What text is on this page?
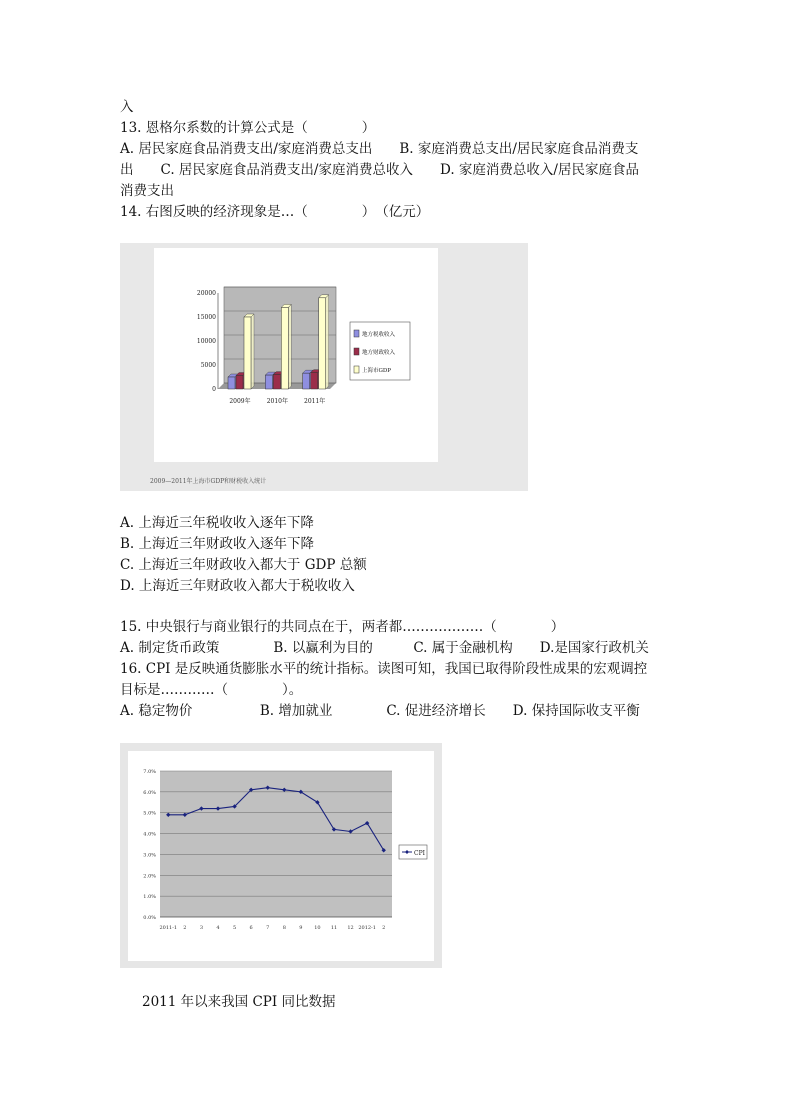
入
13. 恩格尔系数的计算公式是（　　　　）
A. 居民家庭食品消费支出/家庭消费总支出　　B. 家庭消费总支出/居民家庭食品消费支
出　　C. 居民家庭食品消费支出/家庭消费总收入　　D. 家庭消费总收入/居民家庭食品
消费支出
14. 右图反映的经济现象是…（　　　　）　（亿元）
0
5000
10000
15000
20000
2009年	2010年	2011年
地方税收收入
地方财政收入
上海市GDP
2009—2011年上海市GDP和财税收入统计
A. 上海近三年税收收入逐年下降
B. 上海近三年财政收入逐年下降
C. 上海近三年财政收入都大于 GDP 总额
D. 上海近三年财政收入都大于税收收入
15. 中央银行与商业银行的共同点在于，两者都………………（　　　　）
A. 制定货币政策　　　　B. 以赢利为目的　　　C. 属于金融机构　　D.是国家行政机关
16. CPI 是反映通货膨胀水平的统计指标。读图可知，我国已取得阶段性成果的宏观调控
目标是…………（　　　　）。
A. 稳定物价　　　　　B. 增加就业　　　　C. 促进经济增长　　D. 保持国际收支平衡
0.0%
1.0%
2.0%
3.0%
4.0%
5.0%
6.0%
7.0%
2011-1 2	3	4	5	6	7	8	9 10 11 12 2012-1 2
CPI
2011 年以来我国 CPI 同比数据
